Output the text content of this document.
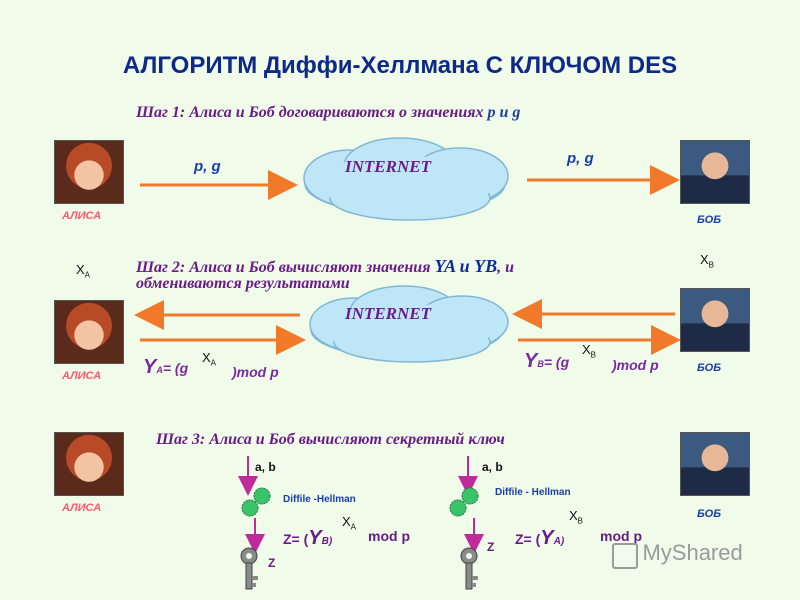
АЛГОРИТМ Диффи-Хеллмана С КЛЮЧОМ DES
Шаг 1: Алиса и Боб договариваются о значениях p и g
АЛИСА	БОБ
p, g	p, g
INTERNET
$X_A$
$X_B$
Шаг 2: Алиса и Боб вычисляют значения YA и YB, и
обмениваются результатами
АЛИСА
БОБ
INTERNET
YA= (g
$X_A$
)mod p	YB= (g
$X_B$
)mod p
Шаг 3: Алиса и Боб вычисляют секретный ключ
АЛИСА	БОБ
a, b
Diffile -Hellman
Z
Z= (YB)
$X_A$
mod p
a, b
Diffile - Hellman
Z Z= (YA)
$X_B$
mod p
MyShared
